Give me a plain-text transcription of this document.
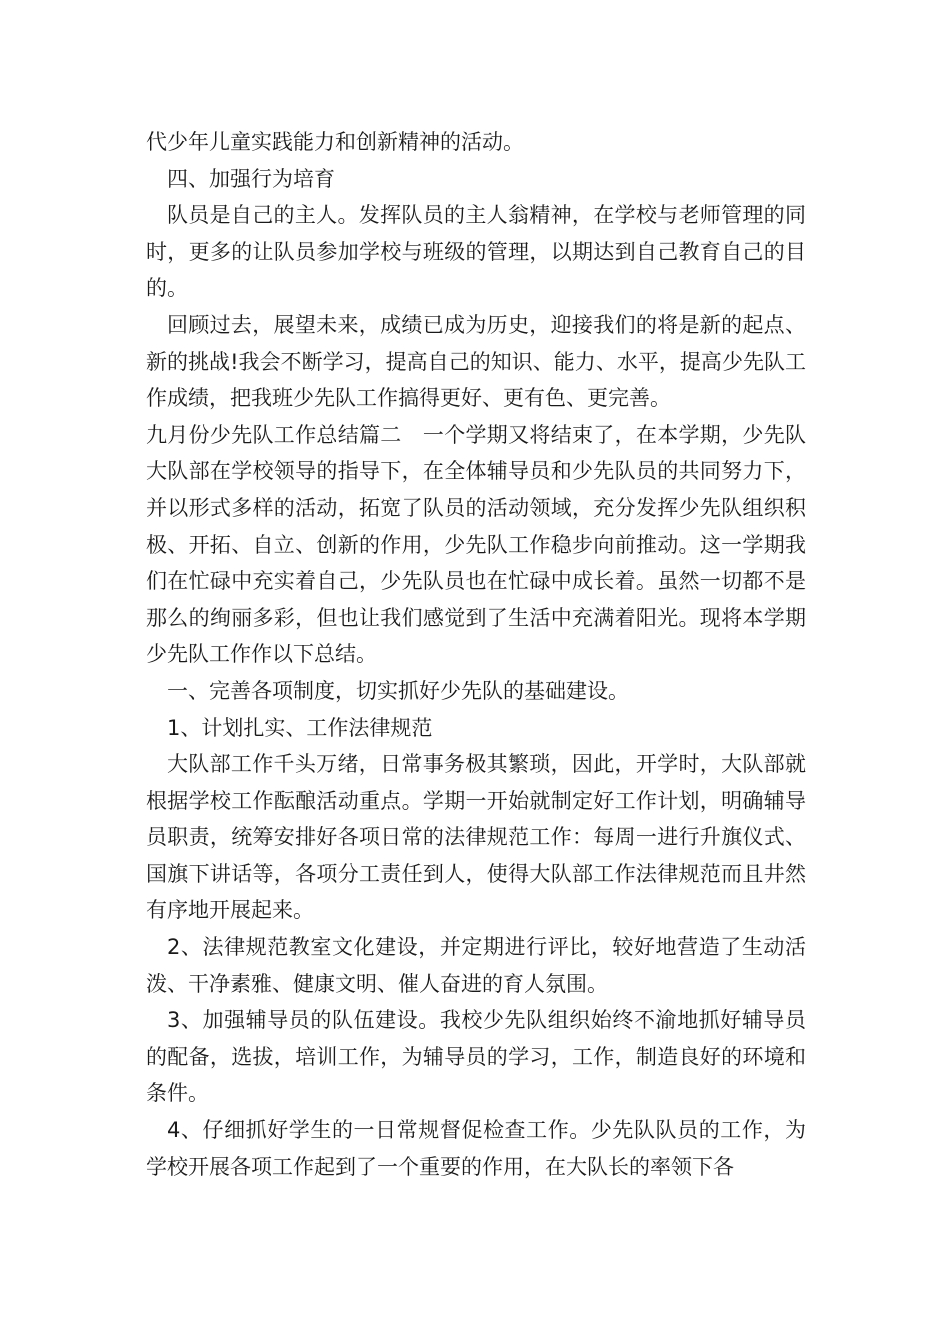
代少年儿童实践能力和创新精神的活动。

四、加强行为培育

队员是自己的主人。发挥队员的主人翁精神，在学校与老师管理的同时，更多的让队员参加学校与班级的管理，以期达到自己教育自己的目的。

回顾过去，展望未来，成绩已成为历史，迎接我们的将是新的起点、新的挑战!我会不断学习，提高自己的知识、能力、水平，提高少先队工作成绩，把我班少先队工作搞得更好、更有色、更完善。

九月份少先队工作总结篇二　一个学期又将结束了，在本学期，少先队大队部在学校领导的指导下，在全体辅导员和少先队员的共同努力下，并以形式多样的活动，拓宽了队员的活动领域，充分发挥少先队组织积极、开拓、自立、创新的作用，少先队工作稳步向前推动。这一学期我们在忙碌中充实着自己，少先队员也在忙碌中成长着。虽然一切都不是那么的绚丽多彩，但也让我们感觉到了生活中充满着阳光。现将本学期少先队工作作以下总结。

一、完善各项制度，切实抓好少先队的基础建设。

1、计划扎实、工作法律规范

大队部工作千头万绪，日常事务极其繁琐，因此，开学时，大队部就根据学校工作酝酿活动重点。学期一开始就制定好工作计划，明确辅导员职责，统筹安排好各项日常的法律规范工作：每周一进行升旗仪式、国旗下讲话等，各项分工责任到人，使得大队部工作法律规范而且井然有序地开展起来。

2、法律规范教室文化建设，并定期进行评比，较好地营造了生动活泼、干净素雅、健康文明、催人奋进的育人氛围。

3、加强辅导员的队伍建设。我校少先队组织始终不渝地抓好辅导员的配备，选拔，培训工作，为辅导员的学习，工作，制造良好的环境和条件。

4、仔细抓好学生的一日常规督促检查工作。少先队队员的工作，为学校开展各项工作起到了一个重要的作用，在大队长的率领下各
